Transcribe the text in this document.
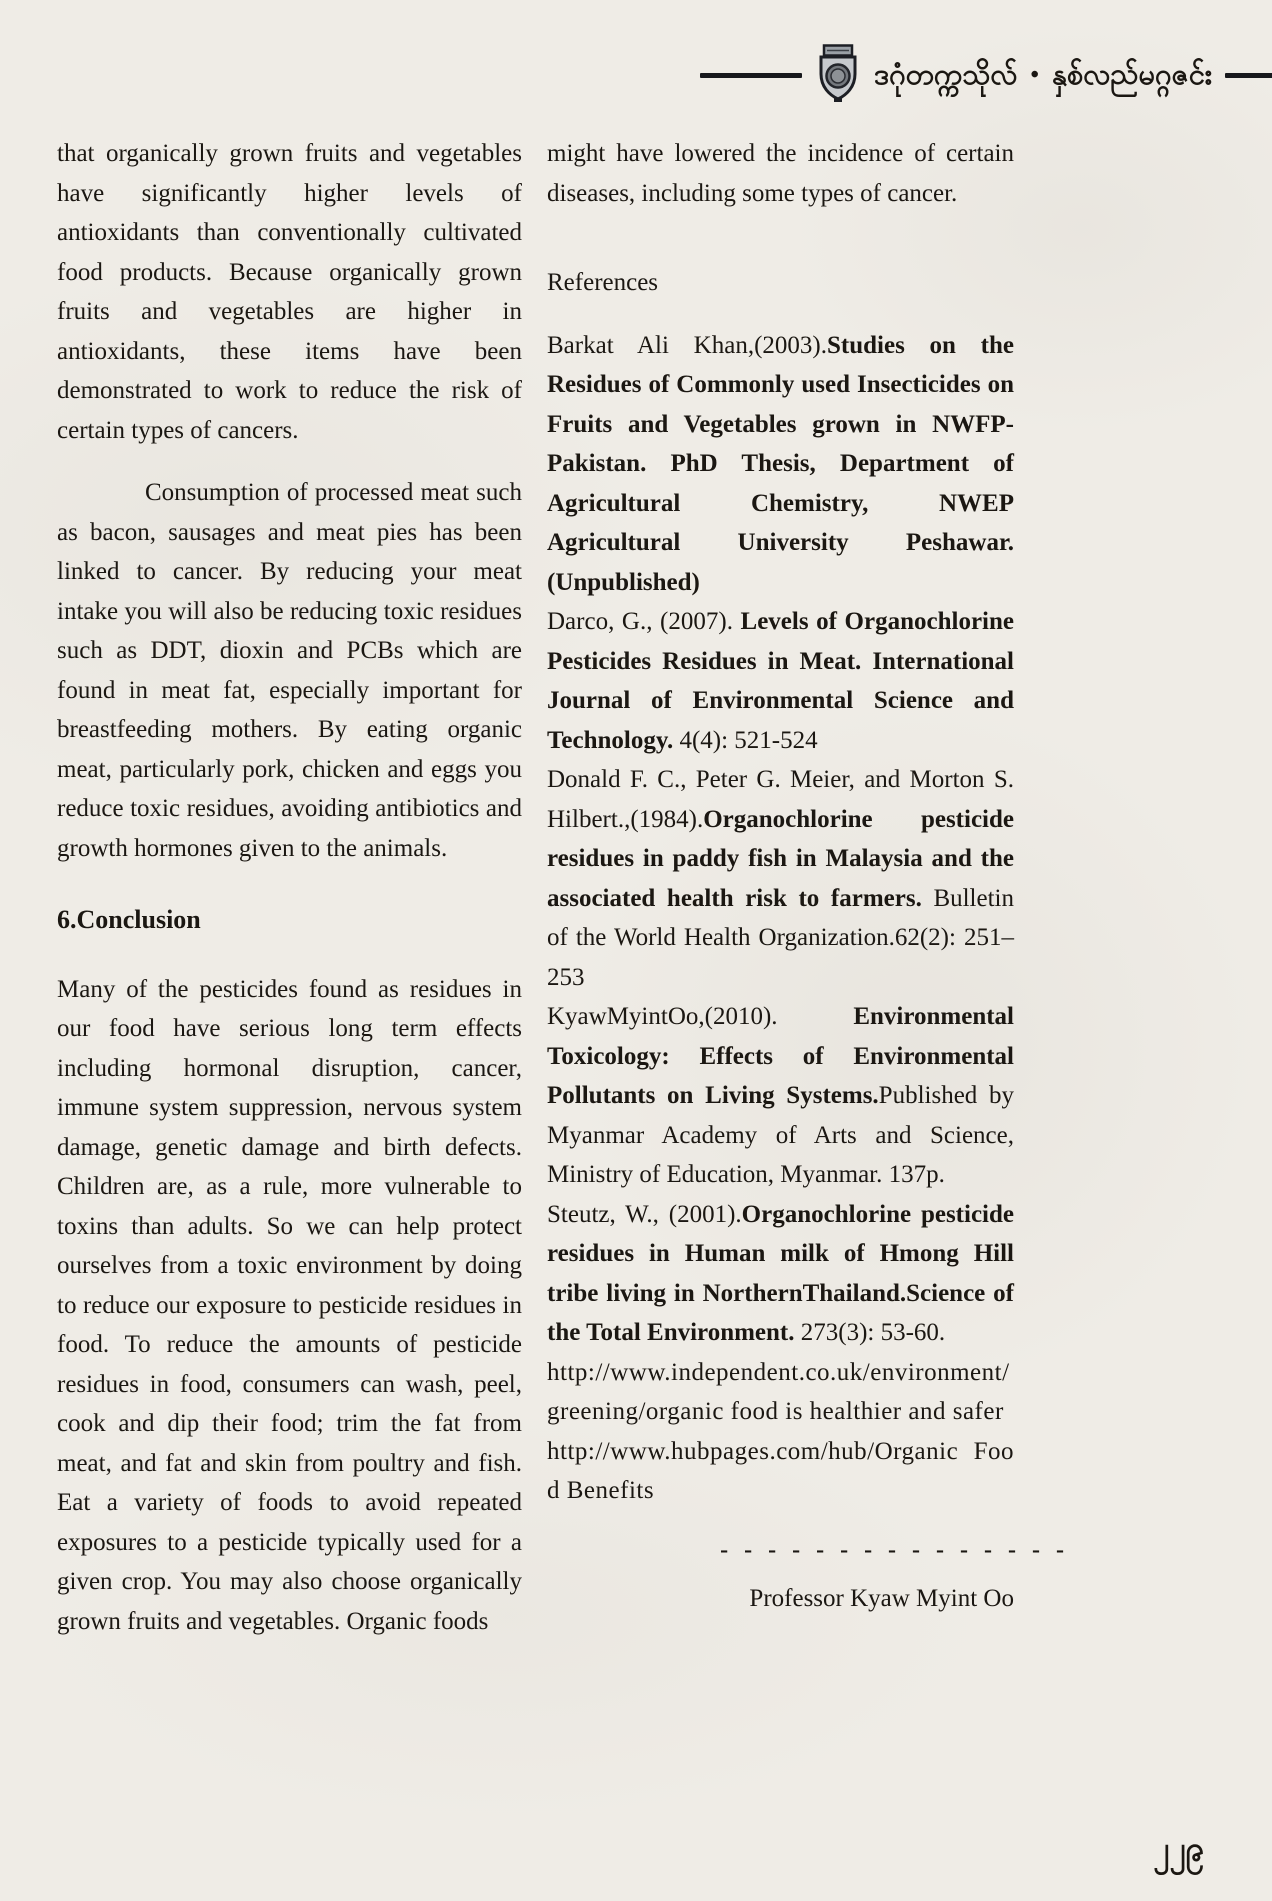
ဒဂုံတက္ကသိုလ် • နှစ်လည်မဂ္ဂဇင်း

that organically grown fruits and vegetables have significantly higher levels of antioxidants than conventionally cultivated food products. Because organically grown fruits and vegetables are higher in antioxidants, these items have been demonstrated to work to reduce the risk of certain types of cancers.

Consumption of processed meat such as bacon, sausages and meat pies has been linked to cancer. By reducing your meat intake you will also be reducing toxic residues such as DDT, dioxin and PCBs which are found in meat fat, especially important for breastfeeding mothers. By eating organic meat, particularly pork, chicken and eggs you reduce toxic residues, avoiding antibiotics and growth hormones given to the animals.

6.Conclusion

Many of the pesticides found as residues in our food have serious long term effects including hormonal disruption, cancer, immune system suppression, nervous system damage, genetic damage and birth defects. Children are, as a rule, more vulnerable to toxins than adults. So we can help protect ourselves from a toxic environment by doing to reduce our exposure to pesticide residues in food. To reduce the amounts of pesticide residues in food, consumers can wash, peel, cook and dip their food; trim the fat from meat, and fat and skin from poultry and fish. Eat a variety of foods to avoid repeated exposures to a pesticide typically used for a given crop. You may also choose organically grown fruits and vegetables. Organic foods

might have lowered the incidence of certain diseases, including some types of cancer.

References

Barkat Ali Khan,(2003).Studies on the Residues of Commonly used Insecticides on Fruits and Vegetables grown in NWFP-Pakistan. PhD Thesis, Department of Agricultural Chemistry, NWEP Agricultural University Peshawar. (Unpublished)
Darco, G., (2007). Levels of Organochlorine Pesticides Residues in Meat. International Journal of Environmental Science and Technology. 4(4): 521-524
Donald F. C., Peter G. Meier, and Morton S. Hilbert.,(1984).Organochlorine pesticide residues in paddy fish in Malaysia and the associated health risk to farmers. Bulletin of the World Health Organization.62(2): 251–253
KyawMyintOo,(2010). Environmental Toxicology: Effects of Environmental Pollutants on Living Systems.Published by Myanmar Academy of Arts and Science, Ministry of Education, Myanmar. 137p.
Steutz, W., (2001).Organochlorine pesticide residues in Human milk of Hmong Hill tribe living in NorthernThailand.Science of the Total Environment. 273(3): 53-60.
http://www.independent.co.uk/environment/greening/organic food is healthier and safer
http://www.hubpages.com/hub/Organic Food Benefits
- - - - - - - - - - - - - - -
Professor Kyaw Myint Oo
၂၂၉
